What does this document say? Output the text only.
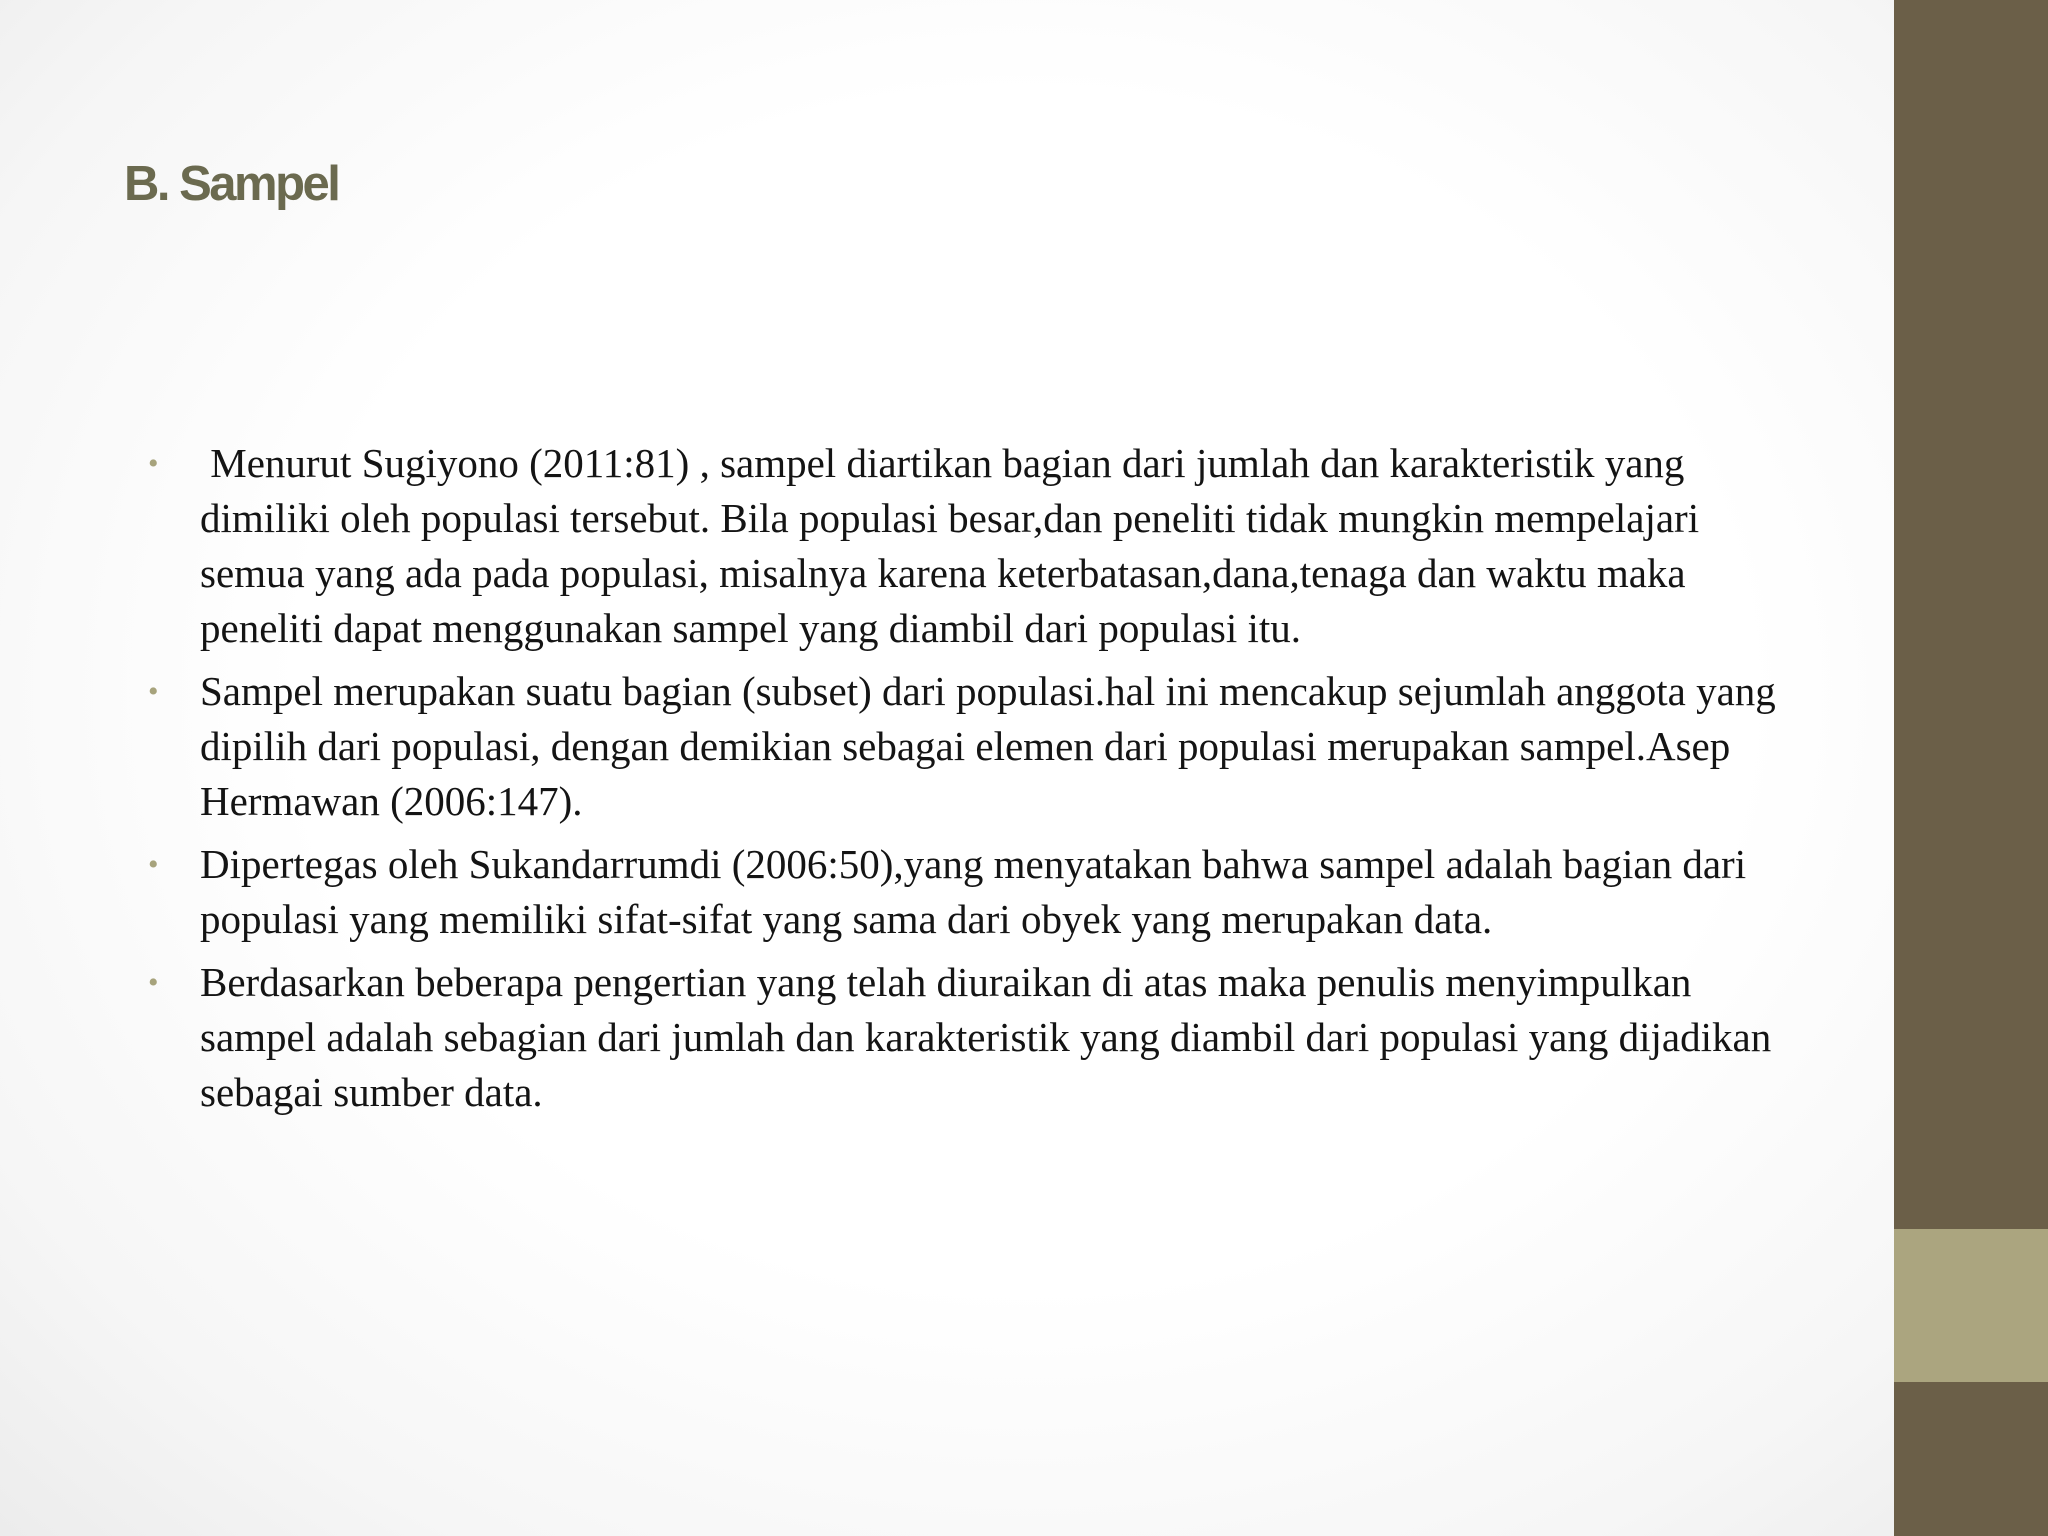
B. Sampel
• Menurut Sugiyono (2011:81) , sampel diartikan bagian dari jumlah dan karakteristik yang dimiliki oleh populasi tersebut. Bila populasi besar,dan peneliti tidak mungkin mempelajari semua yang ada pada populasi, misalnya karena keterbatasan,dana,tenaga dan waktu maka peneliti dapat menggunakan sampel yang diambil dari populasi itu.
• Sampel merupakan suatu bagian (subset) dari populasi.hal ini mencakup sejumlah anggota yang dipilih dari populasi, dengan demikian sebagai elemen dari populasi merupakan sampel.Asep Hermawan (2006:147).
• Dipertegas oleh Sukandarrumdi (2006:50),yang menyatakan bahwa sampel adalah bagian dari populasi yang memiliki sifat-sifat yang sama dari obyek yang merupakan data.
• Berdasarkan beberapa pengertian yang telah diuraikan di atas maka penulis menyimpulkan sampel adalah sebagian dari jumlah dan karakteristik yang diambil dari populasi yang dijadikan sebagai sumber data.
